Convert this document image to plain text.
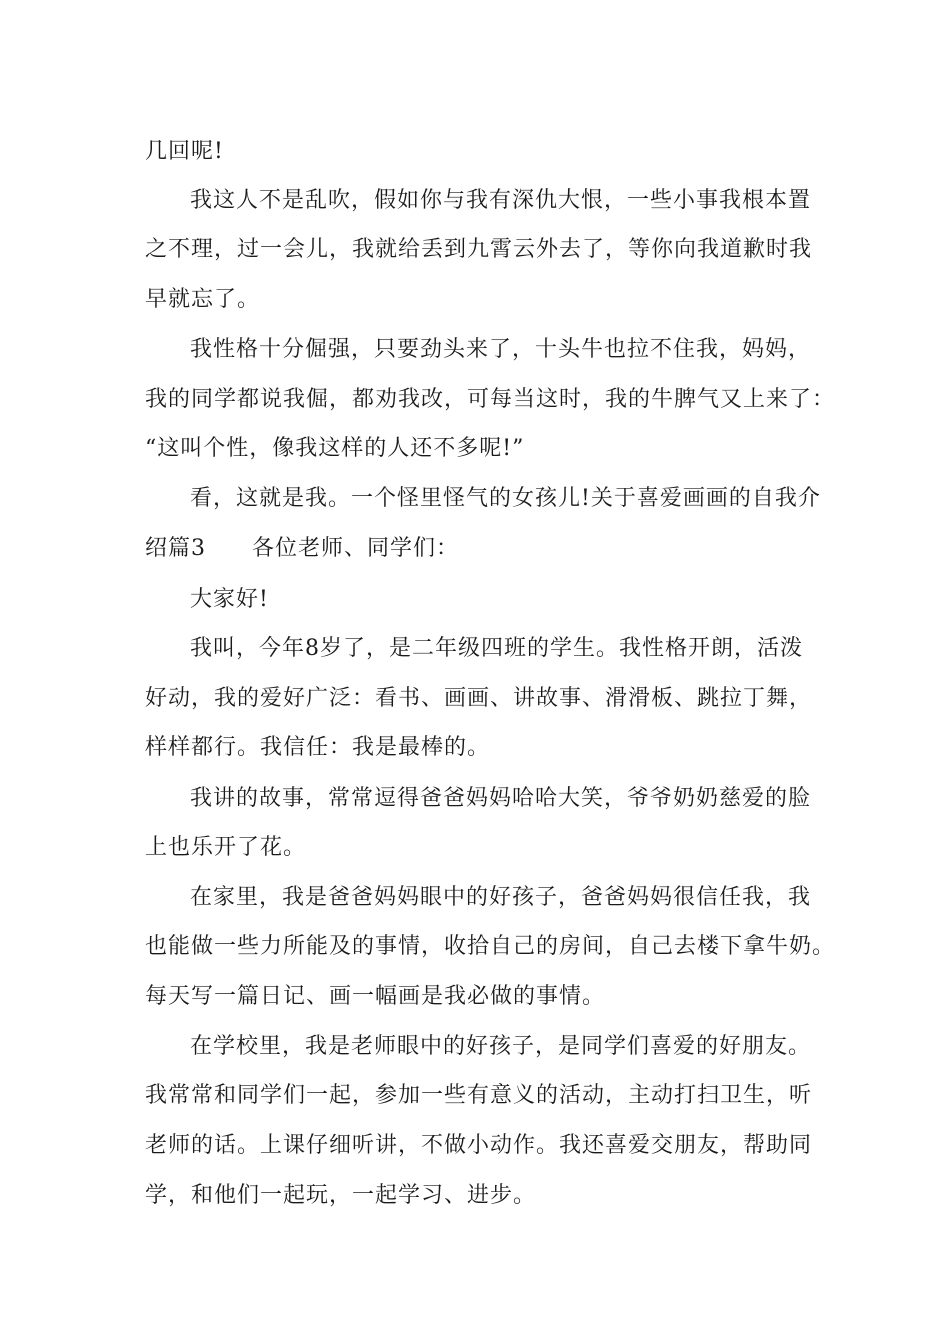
几回呢!
我这人不是乱吹，假如你与我有深仇大恨，一些小事我根本置
之不理，过一会儿，我就给丢到九霄云外去了，等你向我道歉时我
早就忘了。
我性格十分倔强，只要劲头来了，十头牛也拉不住我，妈妈，
我的同学都说我倔，都劝我改，可每当这时，我的牛脾气又上来了：
“这叫个性，像我这样的人还不多呢!”
看，这就是我。一个怪里怪气的女孩儿!关于喜爱画画的自我介
绍篇3　　各位老师、同学们：
大家好!
我叫，今年8岁了，是二年级四班的学生。我性格开朗，活泼
好动，我的爱好广泛：看书、画画、讲故事、滑滑板、跳拉丁舞，
样样都行。我信任：我是最棒的。
我讲的故事，常常逗得爸爸妈妈哈哈大笑，爷爷奶奶慈爱的脸
上也乐开了花。
在家里，我是爸爸妈妈眼中的好孩子，爸爸妈妈很信任我，我
也能做一些力所能及的事情，收拾自己的房间，自己去楼下拿牛奶。
每天写一篇日记、画一幅画是我必做的事情。
在学校里，我是老师眼中的好孩子，是同学们喜爱的好朋友。
我常常和同学们一起，参加一些有意义的活动，主动打扫卫生，听
老师的话。上课仔细听讲，不做小动作。我还喜爱交朋友，帮助同
学，和他们一起玩，一起学习、进步。
